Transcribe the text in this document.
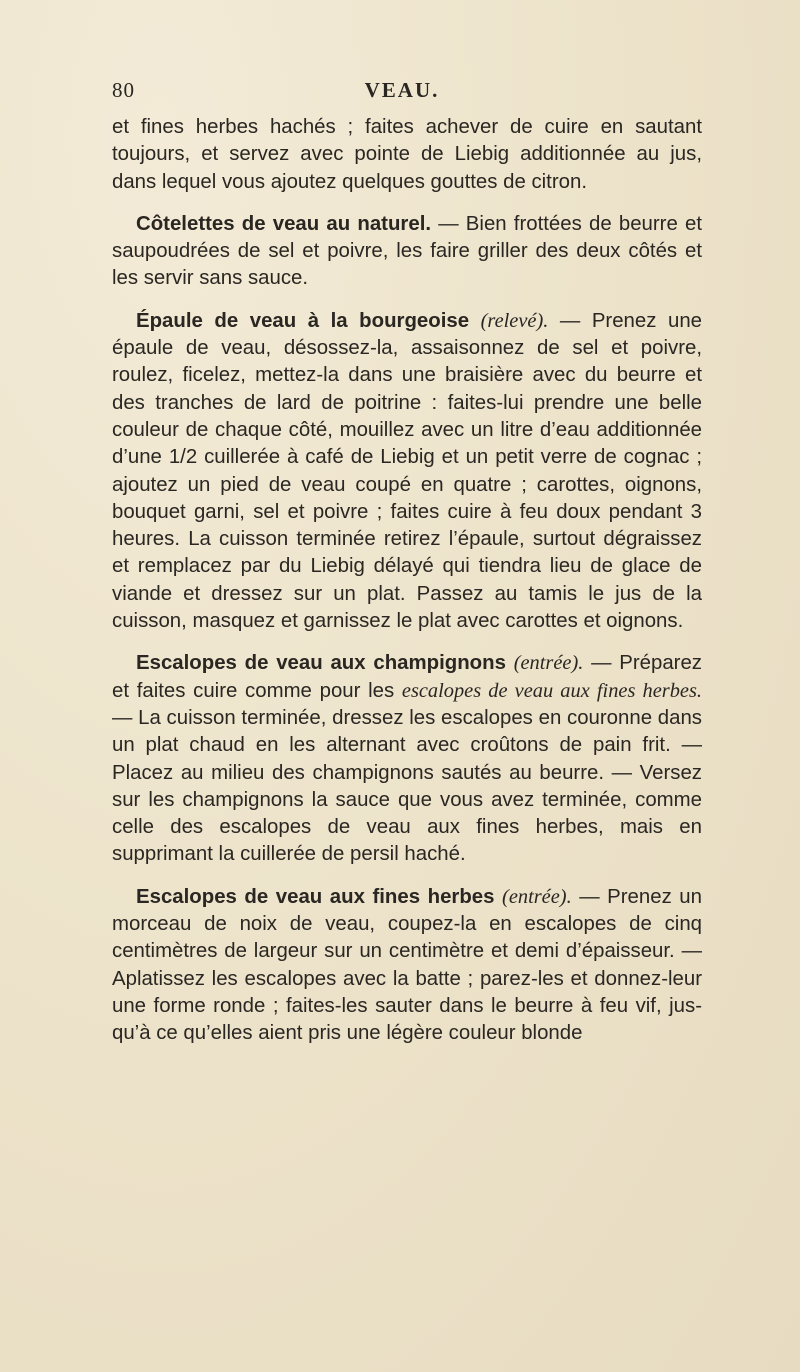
80	VEAU.

et fines herbes hachés ; faites achever de cuire en sautant toujours, et servez avec pointe de Liebig additionnée au jus, dans lequel vous ajoutez quelques gouttes de citron.

Côtelettes de veau au naturel. — Bien frottées de beurre et saupoudrées de sel et poivre, les faire griller des deux côtés et les servir sans sauce.

Épaule de veau à la bourgeoise (relevé). — Prenez une épaule de veau, désossez-la, assaisonnez de sel et poivre, roulez, ficelez, mettez-la dans une braisière avec du beurre et des tranches de lard de poitrine : faites-lui prendre une belle couleur de chaque côté, mouillez avec un litre d’eau additionnée d’une 1/2 cuillerée à café de Liebig et un petit verre de cognac ; ajoutez un pied de veau coupé en quatre ; carottes, oignons, bouquet garni, sel et poivre ; faites cuire à feu doux pendant 3 heures. La cuisson terminée retirez l’épaule, surtout dégraissez et remplacez par du Liebig délayé qui tiendra lieu de glace de viande et dressez sur un plat. Passez au tamis le jus de la cuisson, masquez et garnissez le plat avec carottes et oignons.

Escalopes de veau aux champignons (entrée). — Préparez et faites cuire comme pour les escalopes de veau aux fines herbes. — La cuisson terminée, dressez les escalopes en couronne dans un plat chaud en les alternant avec croûtons de pain frit. — Placez au milieu des champignons sautés au beurre. — Versez sur les champignons la sauce que vous avez terminée, comme celle des escalopes de veau aux fines herbes, mais en supprimant la cuillerée de persil haché.

Escalopes de veau aux fines herbes (entrée). — Prenez un morceau de noix de veau, coupez-la en escalopes de cinq centimètres de largeur sur un centimètre et demi d’épaisseur. — Aplatissez les escalopes avec la batte ; parez-les et donnez-leur une forme ronde ; faites-les sauter dans le beurre à feu vif, jusqu’à ce qu’elles aient pris une légère couleur blonde
